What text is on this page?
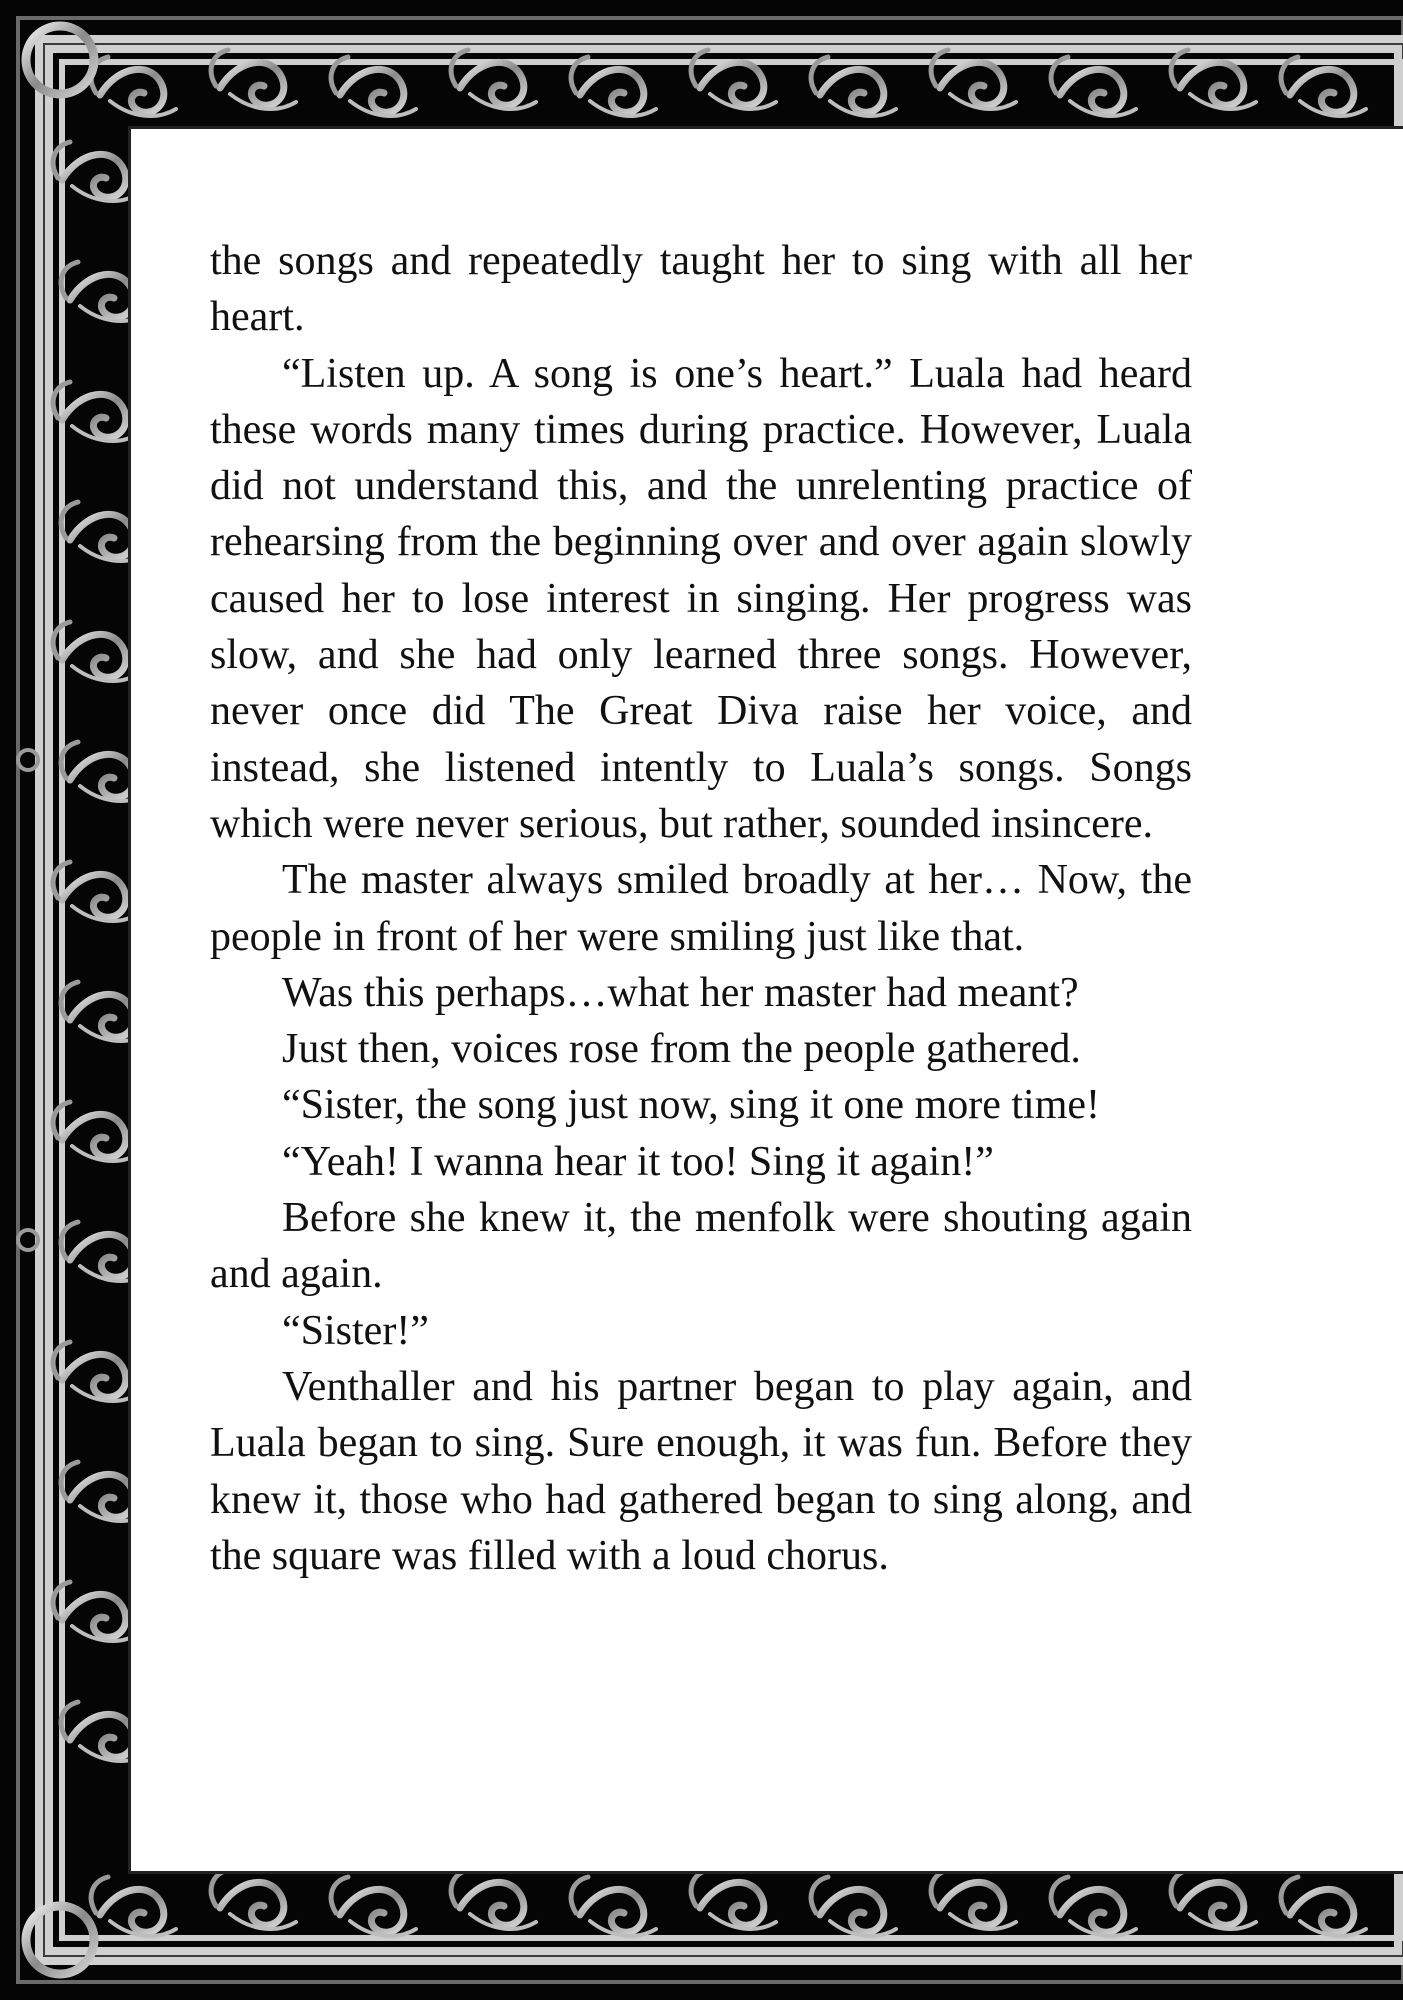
the songs and repeatedly taught her to sing with all her heart.

“Listen up. A song is one’s heart.” Luala had heard these words many times during practice. However, Luala did not understand this, and the unrelenting practice of rehearsing from the beginning over and over again slowly caused her to lose interest in singing. Her progress was slow, and she had only learned three songs. However, never once did The Great Diva raise her voice, and instead, she listened intently to Luala’s songs. Songs which were never serious, but rather, sounded insincere.

The master always smiled broadly at her… Now, the people in front of her were smiling just like that.

Was this perhaps…what her master had meant?

Just then, voices rose from the people gathered.

“Sister, the song just now, sing it one more time!

“Yeah! I wanna hear it too! Sing it again!”

Before she knew it, the menfolk were shouting again and again.

“Sister!”

Venthaller and his partner began to play again, and Luala began to sing. Sure enough, it was fun. Before they knew it, those who had gathered began to sing along, and the square was filled with a loud chorus.
